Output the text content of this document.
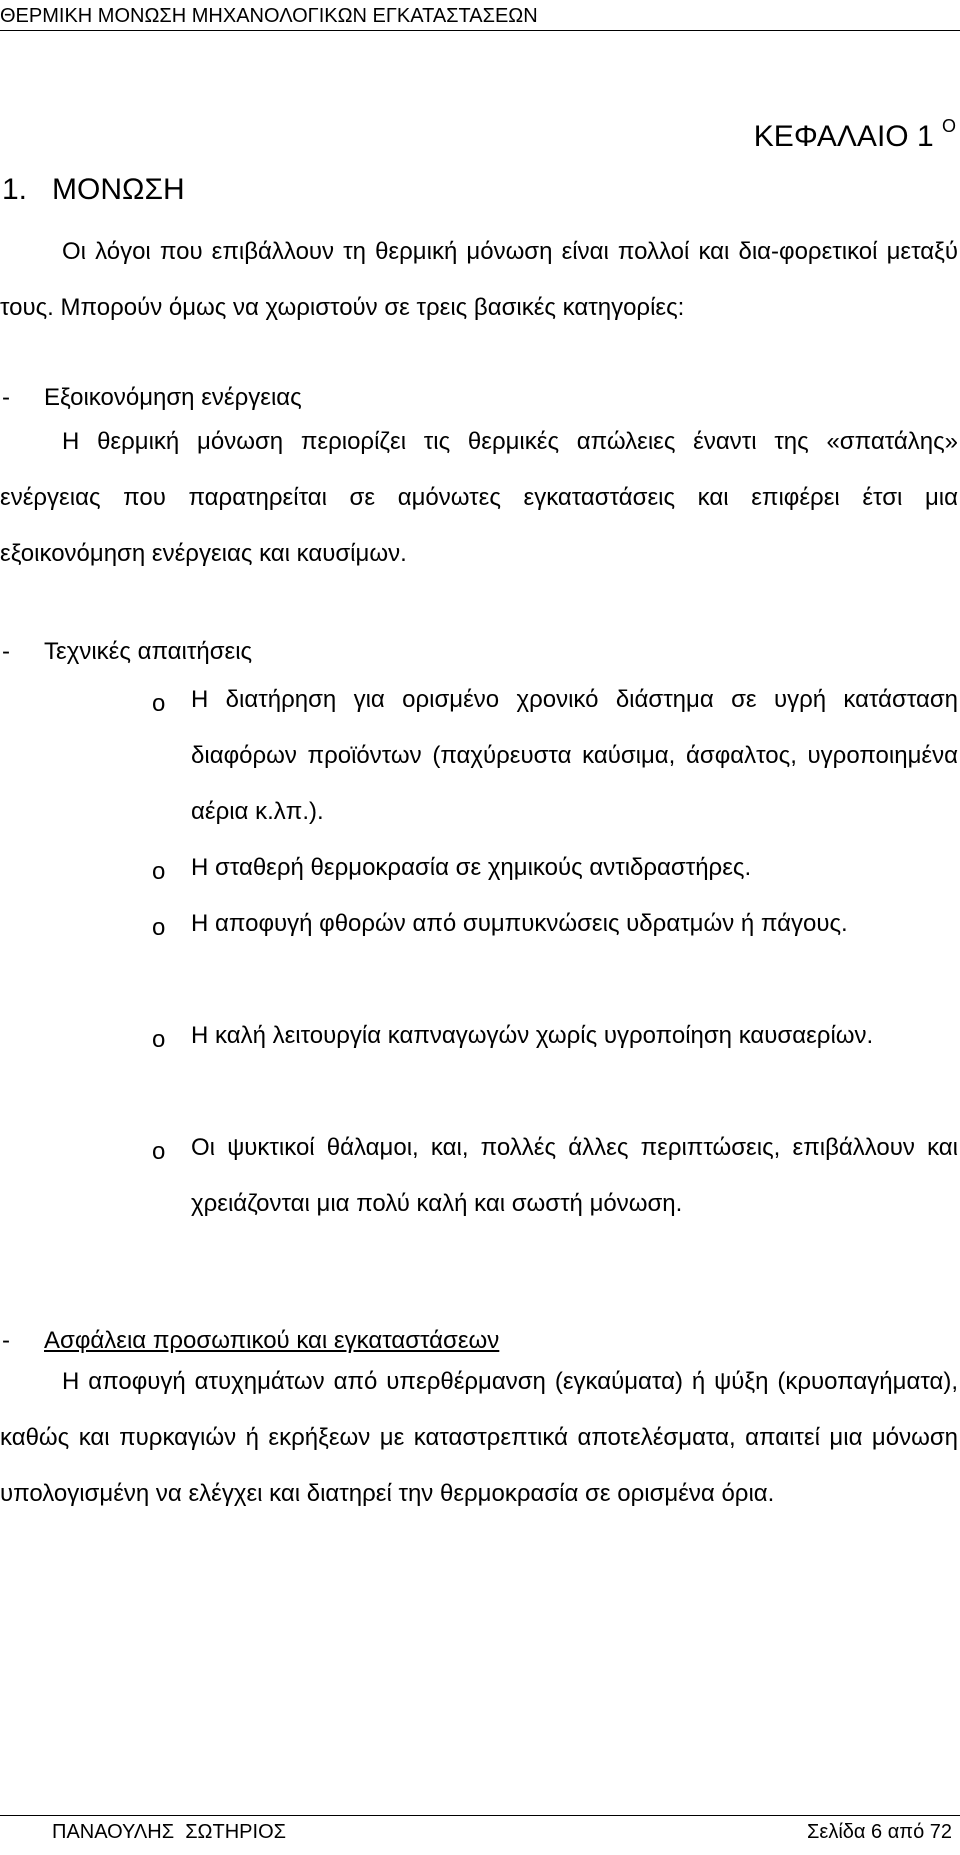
ΘΕΡΜΙΚΗ ΜΟΝΩΣΗ ΜΗΧΑΝΟΛΟΓΙΚΩΝ ΕΓΚΑΤΑΣΤΑΣΕΩΝ
ΚΕΦΑΛΑΙΟ 1 $^O$
1.   ΜΟΝΩΣΗ

Οι λόγοι που επιβάλλουν τη θερμική μόνωση είναι πολλοί και δια-φορετικοί μεταξύ τους. Μπορούν όμως να χωριστούν σε τρεις βασικές κατηγορίες:

- Εξοικονόμηση ενέργειας

Η θερμική μόνωση περιορίζει τις θερμικές απώλειες έναντι της «σπατάλης» ενέργειας που παρατηρείται σε αμόνωτες εγκαταστάσεις και επιφέρει έτσι μια εξοικονόμηση ενέργειας και καυσίμων.

- Τεχνικές απαιτήσεις
o Η διατήρηση για ορισμένο χρονικό διάστημα σε υγρή κατάσταση διαφόρων προϊόντων (παχύρευστα καύσιμα, άσφαλτος, υγροποιημένα αέρια κ.λπ.).

o Η σταθερή θερμοκρασία σε χημικούς αντιδραστήρες.

o Η αποφυγή φθορών από συμπυκνώσεις υδρατμών ή πάγους.

o Η καλή λειτουργία καπναγωγών χωρίς υγροποίηση καυσαερίων.

o Οι ψυκτικοί θάλαμοι, και, πολλές άλλες περιπτώσεις, επιβάλλουν και χρειάζονται μια πολύ καλή και σωστή μόνωση.

- Ασφάλεια προσωπικού και εγκαταστάσεων

Η αποφυγή ατυχημάτων από υπερθέρμανση (εγκαύματα) ή ψύξη (κρυοπαγήματα), καθώς και πυρκαγιών ή εκρήξεων με καταστρεπτικά αποτελέσματα, απαιτεί μια μόνωση υπολογισμένη να ελέγχει και διατηρεί την θερμοκρασία σε ορισμένα όρια.

ΠΑΝΑΟΥΛΗΣ  ΣΩΤΗΡΙΟΣ	Σελίδα 6 από 72
